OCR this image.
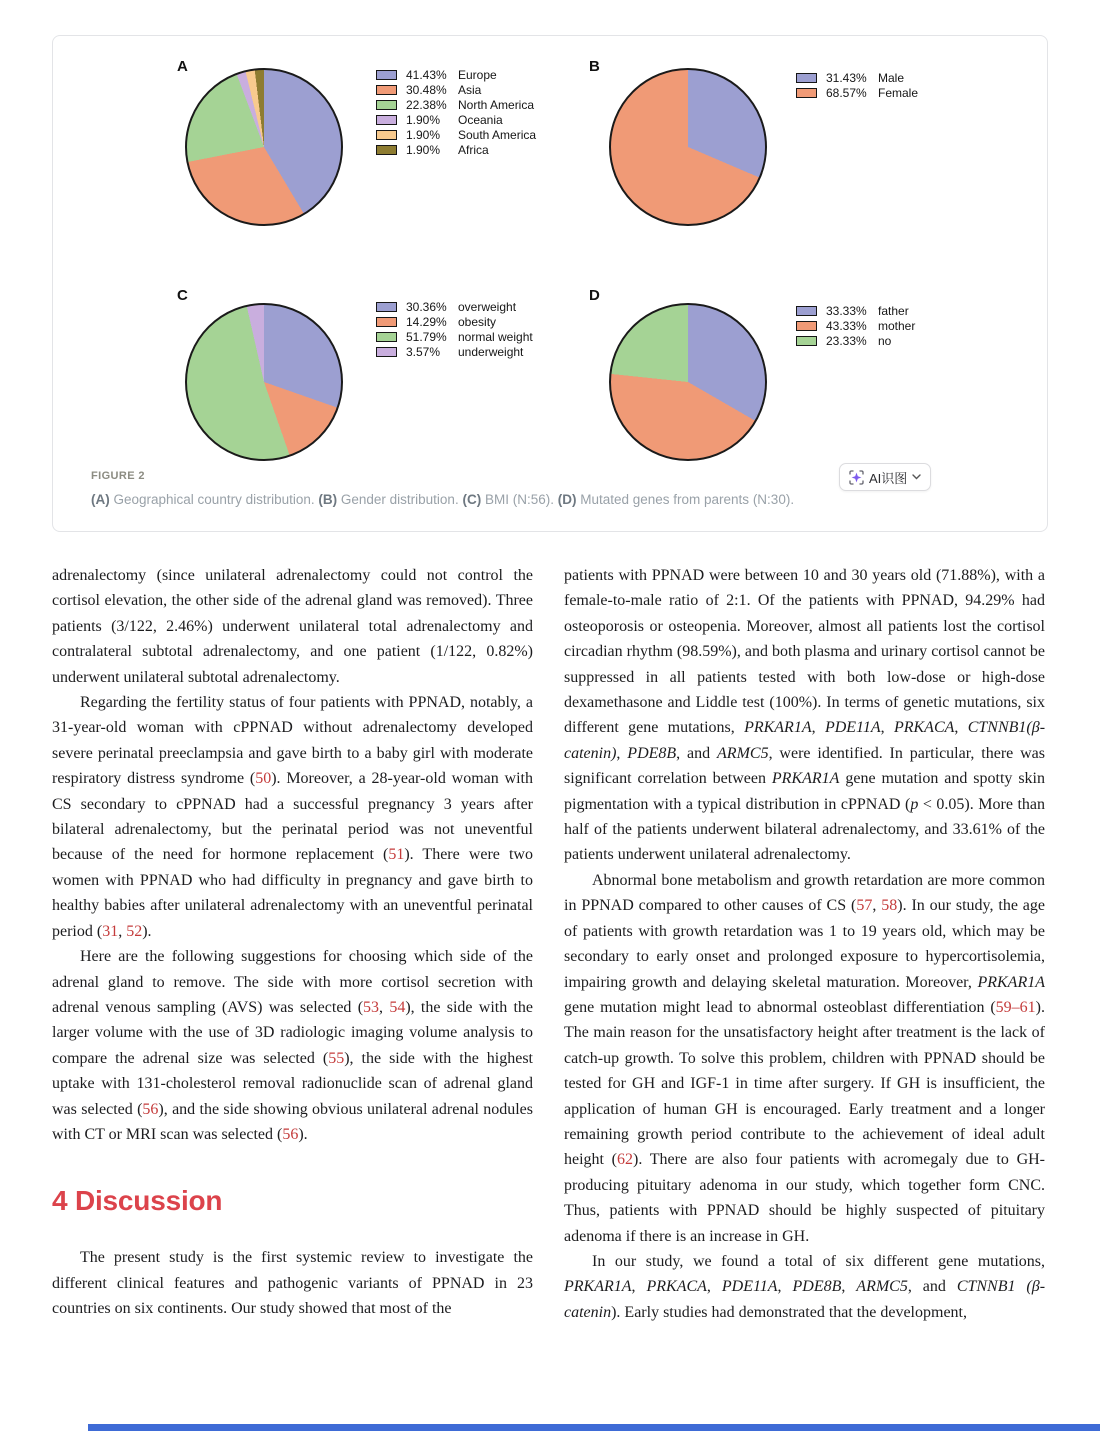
A	41.43% Europe
30.48% Asia
22.38% North America
1.90%	Oceania
1.90%	South America
1.90%	Africa
B
31.43% Male
68.57% Female
C
30.36% overweight
14.29% obesity
51.79% normal weight
3.57%	underweight
D
33.33% father
43.33% mother
23.33% no
AI识图
FIGURE 2
(A) Geographical country distribution. (B) Gender distribution. (C) BMI (N:56). (D) Mutated genes from parents (N:30).

adrenalectomy (since unilateral adrenalectomy could not control the cortisol elevation, the other side of the adrenal gland was removed). Three patients (3/122, 2.46%) underwent unilateral total adrenalectomy and contralateral subtotal adrenalectomy, and one patient (1/122, 0.82%) underwent unilateral subtotal adrenalectomy.

Regarding the fertility status of four patients with PPNAD, notably, a 31-year-old woman with cPPNAD without adrenalectomy developed severe perinatal preeclampsia and gave birth to a baby girl with moderate respiratory distress syndrome (50). Moreover, a 28-year-old woman with CS secondary to cPPNAD had a successful pregnancy 3 years after bilateral adrenalectomy, but the perinatal period was not uneventful because of the need for hormone replacement (51). There were two women with PPNAD who had difficulty in pregnancy and gave birth to healthy babies after unilateral adrenalectomy with an uneventful perinatal period (31, 52).

Here are the following suggestions for choosing which side of the adrenal gland to remove. The side with more cortisol secretion with adrenal venous sampling (AVS) was selected (53, 54), the side with the larger volume with the use of 3D radiologic imaging volume analysis to compare the adrenal size was selected (55), the side with the highest uptake with 131-cholesterol removal radionuclide scan of adrenal gland was selected (56), and the side showing obvious unilateral adrenal nodules with CT or MRI scan was selected (56).

4 Discussion

The present study is the first systemic review to investigate the different clinical features and pathogenic variants of PPNAD in 23 countries on six continents. Our study showed that most of the

patients with PPNAD were between 10 and 30 years old (71.88%), with a female-to-male ratio of 2:1. Of the patients with PPNAD, 94.29% had osteoporosis or osteopenia. Moreover, almost all patients lost the cortisol circadian rhythm (98.59%), and both plasma and urinary cortisol cannot be suppressed in all patients tested with both low-dose or high-dose dexamethasone and Liddle test (100%). In terms of genetic mutations, six different gene mutations, PRKAR1A, PDE11A, PRKACA, CTNNB1(β-catenin), PDE8B, and ARMC5, were identified. In particular, there was significant correlation between PRKAR1A gene mutation and spotty skin pigmentation with a typical distribution in cPPNAD (p < 0.05). More than half of the patients underwent bilateral adrenalectomy, and 33.61% of the patients underwent unilateral adrenalectomy.

Abnormal bone metabolism and growth retardation are more common in PPNAD compared to other causes of CS (57, 58). In our study, the age of patients with growth retardation was 1 to 19 years old, which may be secondary to early onset and prolonged exposure to hypercortisolemia, impairing growth and delaying skeletal maturation. Moreover, PRKAR1A gene mutation might lead to abnormal osteoblast differentiation (59–61). The main reason for the unsatisfactory height after treatment is the lack of catch-up growth. To solve this problem, children with PPNAD should be tested for GH and IGF-1 in time after surgery. If GH is insufficient, the application of human GH is encouraged. Early treatment and a longer remaining growth period contribute to the achievement of ideal adult height (62). There are also four patients with acromegaly due to GH-producing pituitary adenoma in our study, which together form CNC. Thus, patients with PPNAD should be highly suspected of pituitary adenoma if there is an increase in GH.

In our study, we found a total of six different gene mutations, PRKAR1A, PRKACA, PDE11A, PDE8B, ARMC5, and CTNNB1 (β-catenin). Early studies had demonstrated that the development,
